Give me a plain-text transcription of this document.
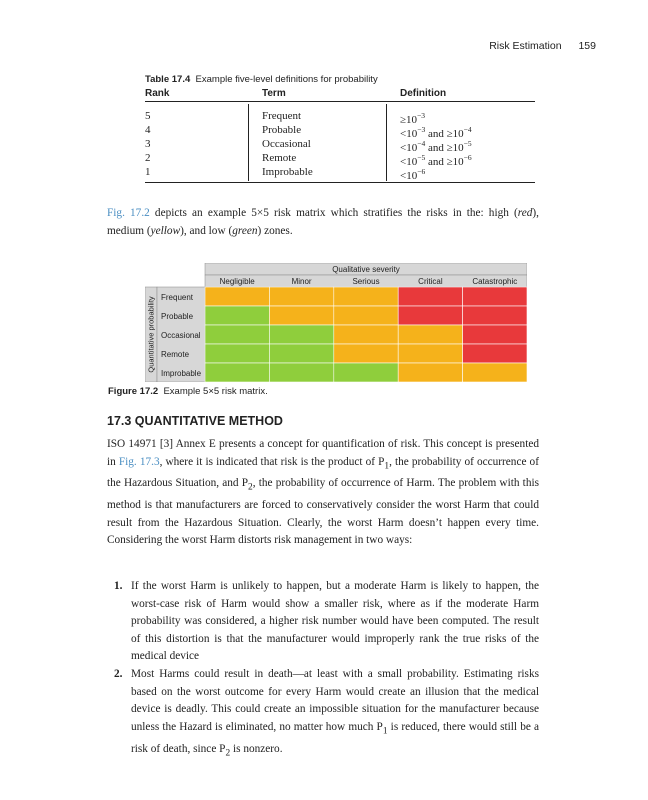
Risk Estimation 159
Table 17.4 Example five-level definitions for probability
Rank	Term	Definition
5	Frequent	$\ge 10^{-3}$
4	Probable	$<10^{-3}$ and $\ge 10^{-4}$
3	Occasional	$<10^{-4}$ and $\ge 10^{-5}$
2	Remote	$<10^{-5}$ and $\ge 10^{-6}$
1	Improbable	$<10^{-6}$
Fig. 17.2 depicts an example 5×5 risk matrix which stratifies the risks in the: high (red), medium (yellow), and low (green) zones.
Qualitative severity
Quantitative probability
Negligible	Minor	Serious	Critical	Catastrophic
Frequent
Probable
Occasional
Remote
Improbable
Figure 17.2 Example 5×5 risk matrix.
17.3 QUANTITATIVE METHOD
ISO 14971 [3] Annex E presents a concept for quantification of risk. This concept is presented in Fig. 17.3, where it is indicated that risk is the product of $P_1$, the probability of occurrence of the Hazardous Situation, and $P_2$, the probability of occurrence of Harm. The problem with this method is that manufacturers are forced to conservatively consider the worst Harm that could result from the Hazardous Situation. Clearly, the worst Harm doesn’t happen every time. Considering the worst Harm distorts risk management in two ways:
1. If the worst Harm is unlikely to happen, but a moderate Harm is likely to happen, the worst-case risk of Harm would show a smaller risk, where as if the moderate Harm probability was considered, a higher risk number would have been computed. The result of this distortion is that the manufacturer would improperly rank the true risks of the medical device
2. Most Harms could result in death—at least with a small probability. Estimating risks based on the worst outcome for every Harm would create an illusion that the medical device is deadly. This could create an impossible situation for the manufacturer because unless the Hazard is eliminated, no matter how much $P_1$ is reduced, there would still be a risk of death, since $P_2$ is nonzero.
